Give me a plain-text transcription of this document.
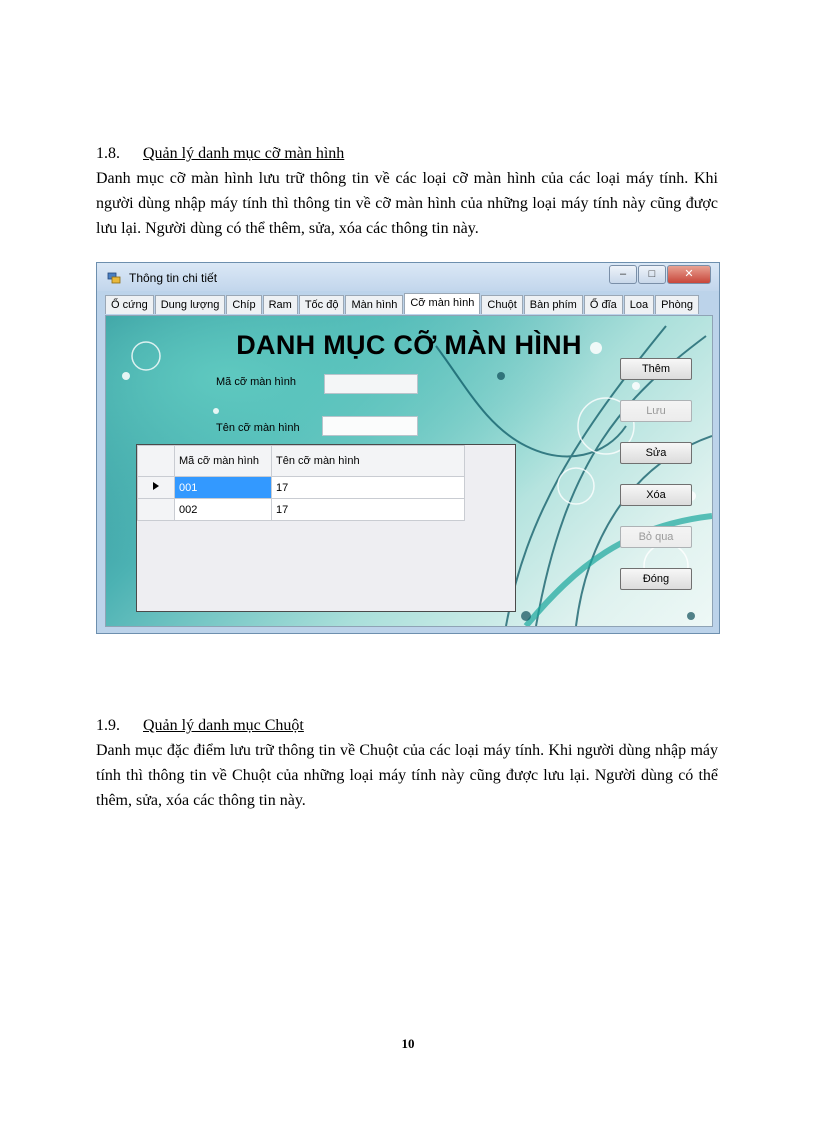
1.8. Quản lý danh mục cỡ màn hình

Danh mục cỡ màn hình lưu trữ thông tin về các loại cỡ màn hình của các loại máy tính. Khi người dùng nhập máy tính thì thông tin về cỡ màn hình của những loại máy tính này cũng được lưu lại. Người dùng có thể thêm, sửa, xóa các thông tin này.

Thông tin chi tiết	–	□	✕
Ổ cứng	Dung lượng	Chíp	Ram	Tốc độ	Màn hình	Cỡ màn hình	Chuột	Bàn phím	Ổ đĩa	Loa	Phòng
DANH MỤC CỠ MÀN HÌNH
Mã cỡ màn hình
Tên cỡ màn hình
	Mã cỡ màn hình	Tên cỡ màn hình
	001	17
	002	17
Thêm
Lưu
Sửa
Xóa
Bỏ qua
Đóng
1.9. Quản lý danh mục Chuột

Danh mục đặc điểm lưu trữ thông tin về Chuột của các loại máy tính. Khi người dùng nhập máy tính thì thông tin về Chuột của những loại máy tính này cũng được lưu lại. Người dùng có thể thêm, sửa, xóa các thông tin này.

10
